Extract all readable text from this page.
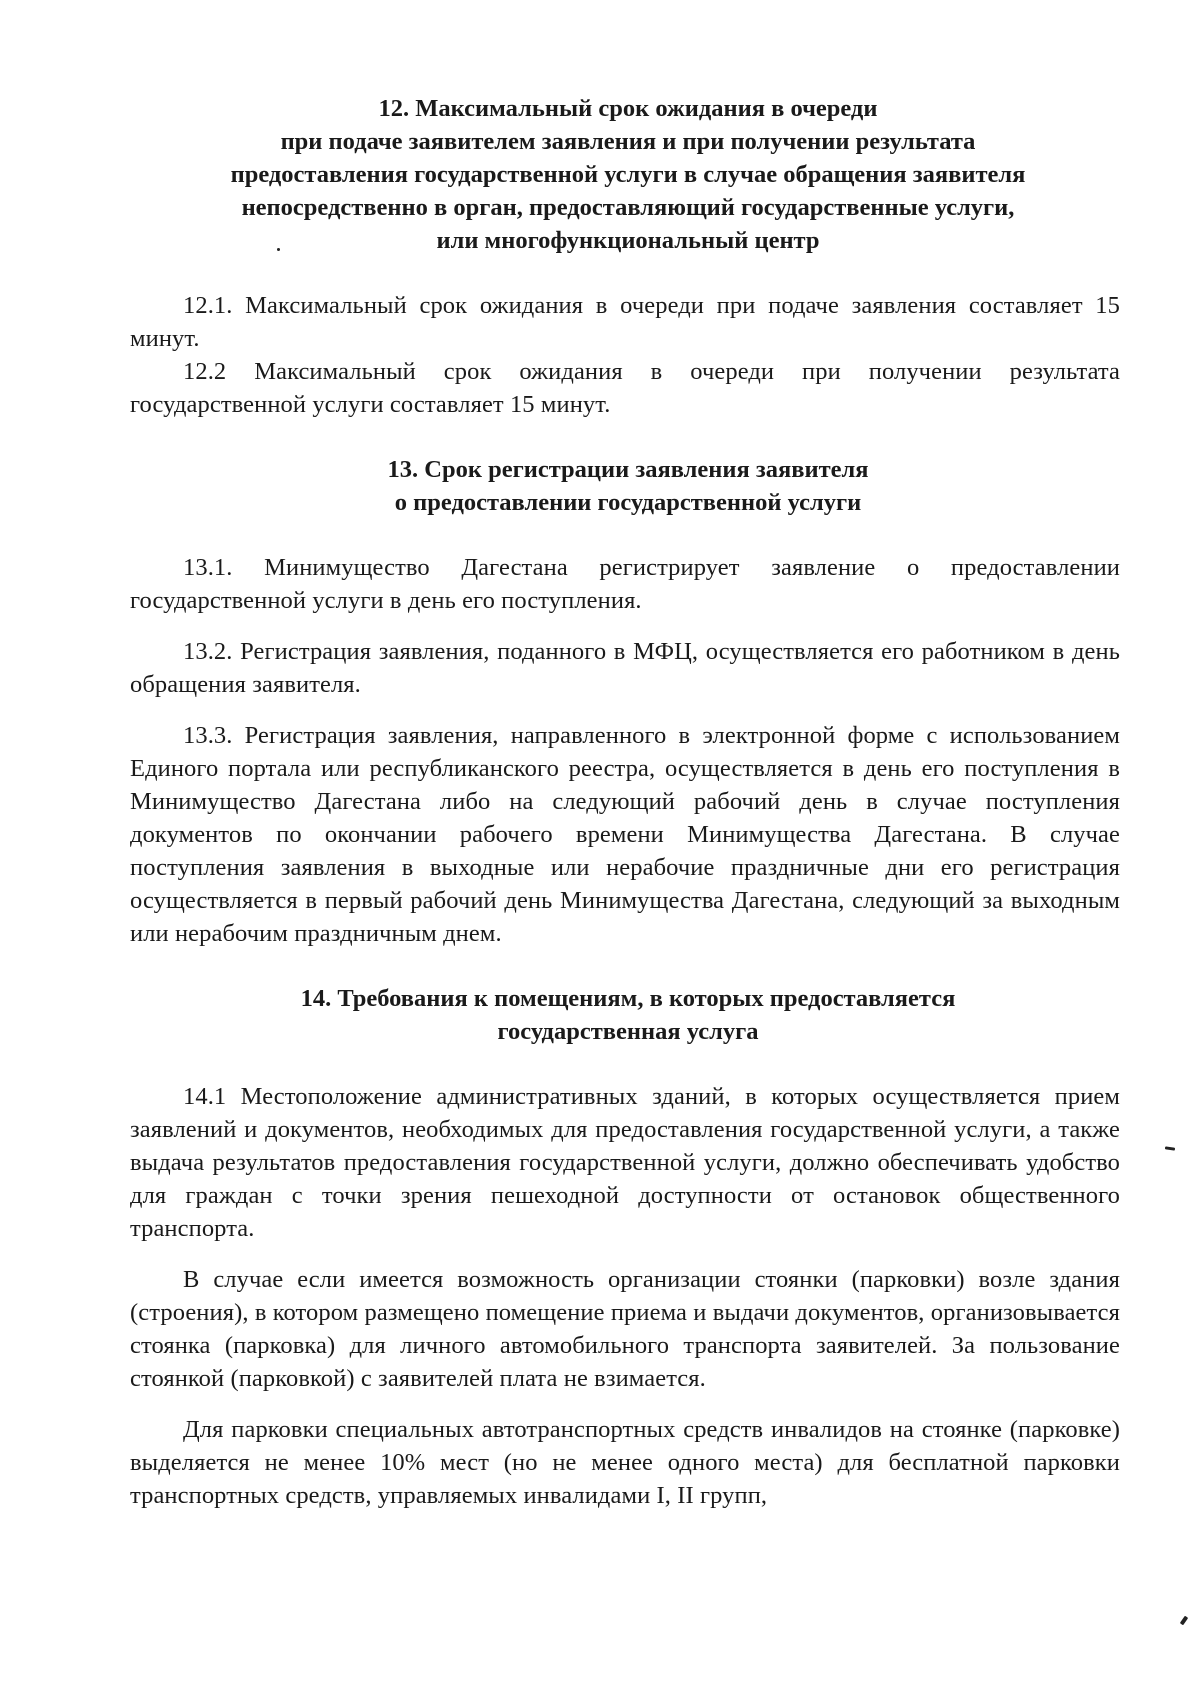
12. Максимальный срок ожидания в очереди
при подаче заявителем заявления и при получении результата
предоставления государственной услуги в случае обращения заявителя
непосредственно в орган, предоставляющий государственные услуги,
или многофункциональный центр

12.1. Максимальный срок ожидания в очереди при подаче заявления составляет 15 минут.

12.2 Максимальный срок ожидания в очереди при получении результата государственной услуги составляет 15 минут.

13. Срок регистрации заявления заявителя
о предоставлении государственной услуги

13.1. Минимущество Дагестана регистрирует заявление о предоставлении государственной услуги в день его поступления.

13.2. Регистрация заявления, поданного в МФЦ, осуществляется его работником в день обращения заявителя.

13.3. Регистрация заявления, направленного в электронной форме с использованием Единого портала или республиканского реестра, осуществляется в день его поступления в Минимущество Дагестана либо на следующий рабочий день в случае поступления документов по окончании рабочего времени Минимущества Дагестана. В случае поступления заявления в выходные или нерабочие праздничные дни его регистрация осуществляется в первый рабочий день Минимущества Дагестана, следующий за выходным или нерабочим праздничным днем.

14. Требования к помещениям, в которых предоставляется
государственная услуга

14.1 Местоположение административных зданий, в которых осуществляется прием заявлений и документов, необходимых для предоставления государственной услуги, а также выдача результатов предоставления государственной услуги, должно обеспечивать удобство для граждан с точки зрения пешеходной доступности от остановок общественного транспорта.

В случае если имеется возможность организации стоянки (парковки) возле здания (строения), в котором размещено помещение приема и выдачи документов, организовывается стоянка (парковка) для личного автомобильного транспорта заявителей. За пользование стоянкой (парковкой) с заявителей плата не взимается.

Для парковки специальных автотранспортных средств инвалидов на стоянке (парковке) выделяется не менее 10% мест (но не менее одного места) для бесплатной парковки транспортных средств, управляемых инвалидами I, II групп,
